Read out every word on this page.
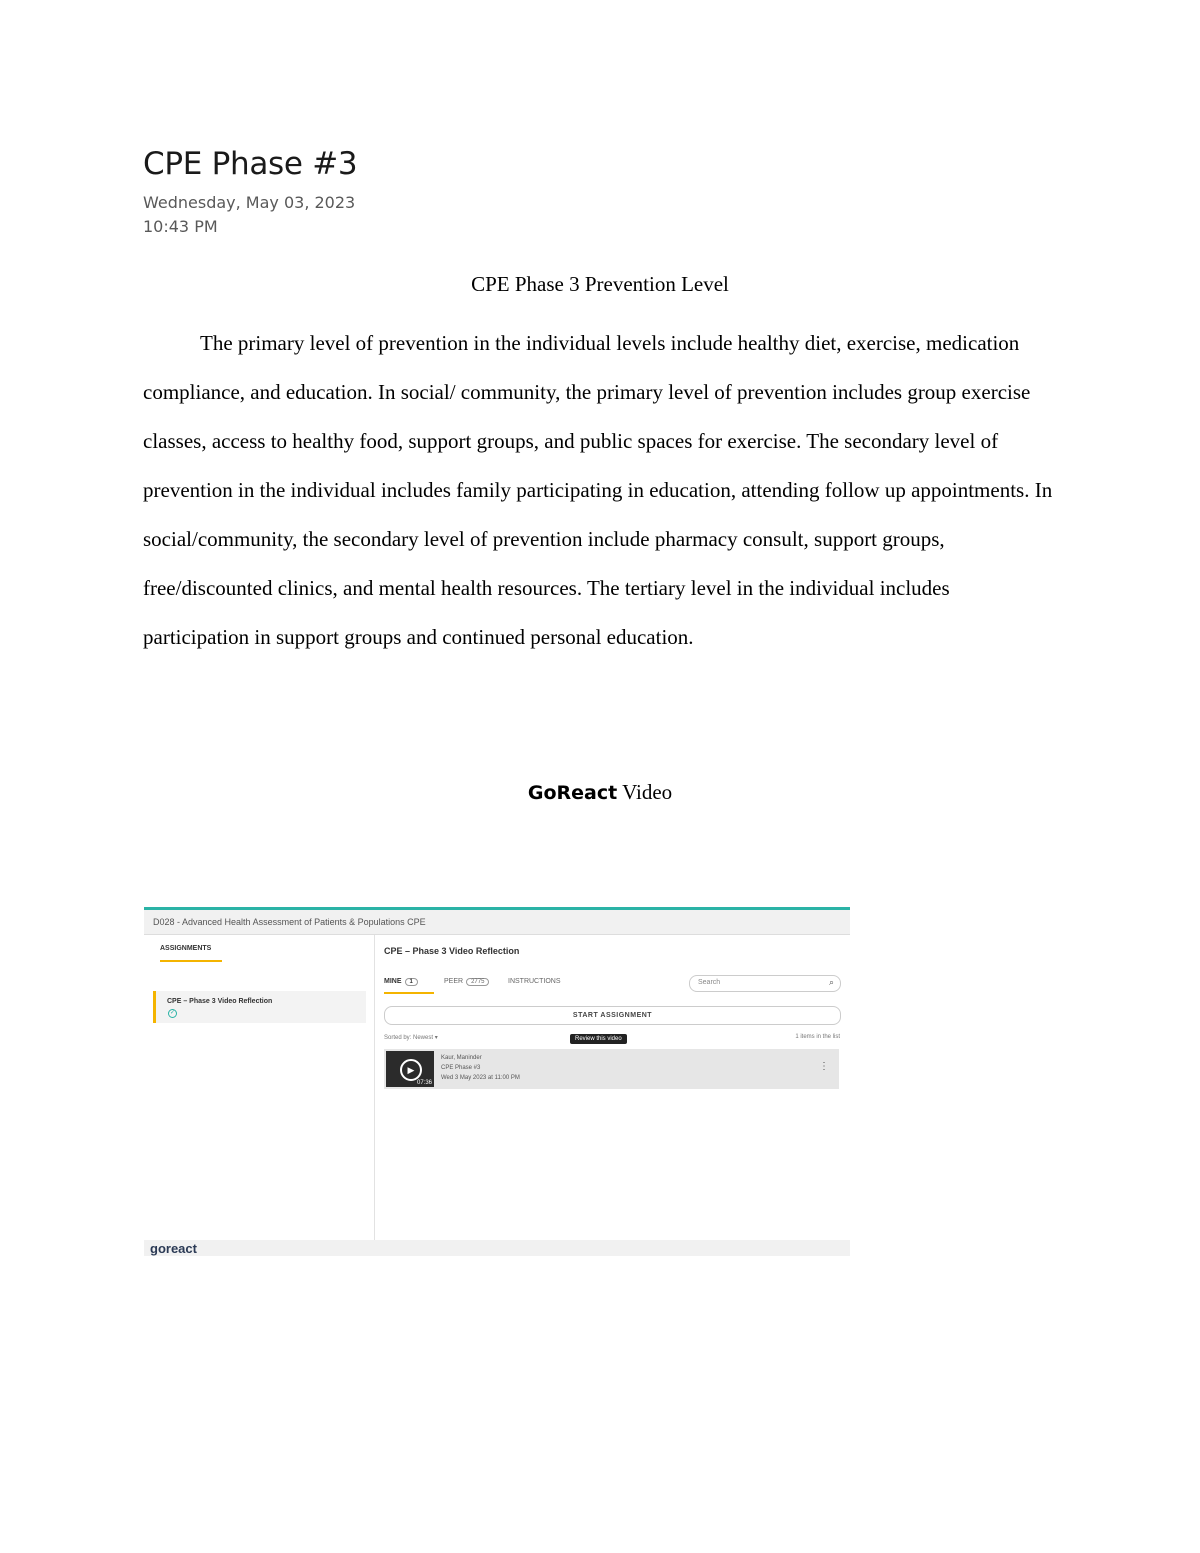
CPE Phase #3
Wednesday, May 03, 2023
10:43 PM
CPE Phase 3 Prevention Level

The primary level of prevention in the individual levels include healthy diet, exercise, medication compliance, and education. In social/ community, the primary level of prevention includes group exercise classes, access to healthy food, support groups, and public spaces for exercise. The secondary level of prevention in the individual includes family participating in education, attending follow up appointments. In social/community, the secondary level of prevention include pharmacy consult, support groups, free/discounted clinics, and mental health resources. The tertiary level in the individual includes participation in support groups and continued personal education.

GoReact Video
D028 - Advanced Health Assessment of Patients & Populations CPE
ASSIGNMENTS
CPE – Phase 3 Video Reflection
✓
CPE – Phase 3 Video Reflection
MINE 1	PEER 2775	INSTRUCTIONS	Search	⌕
START ASSIGNMENT
Sorted by: Newest ▾	1 items in the list
Review this video
▶
07:36
Kaur, Maninder
CPE Phase #3
Wed 3 May 2023 at 11:00 PM
⋮
goreact
